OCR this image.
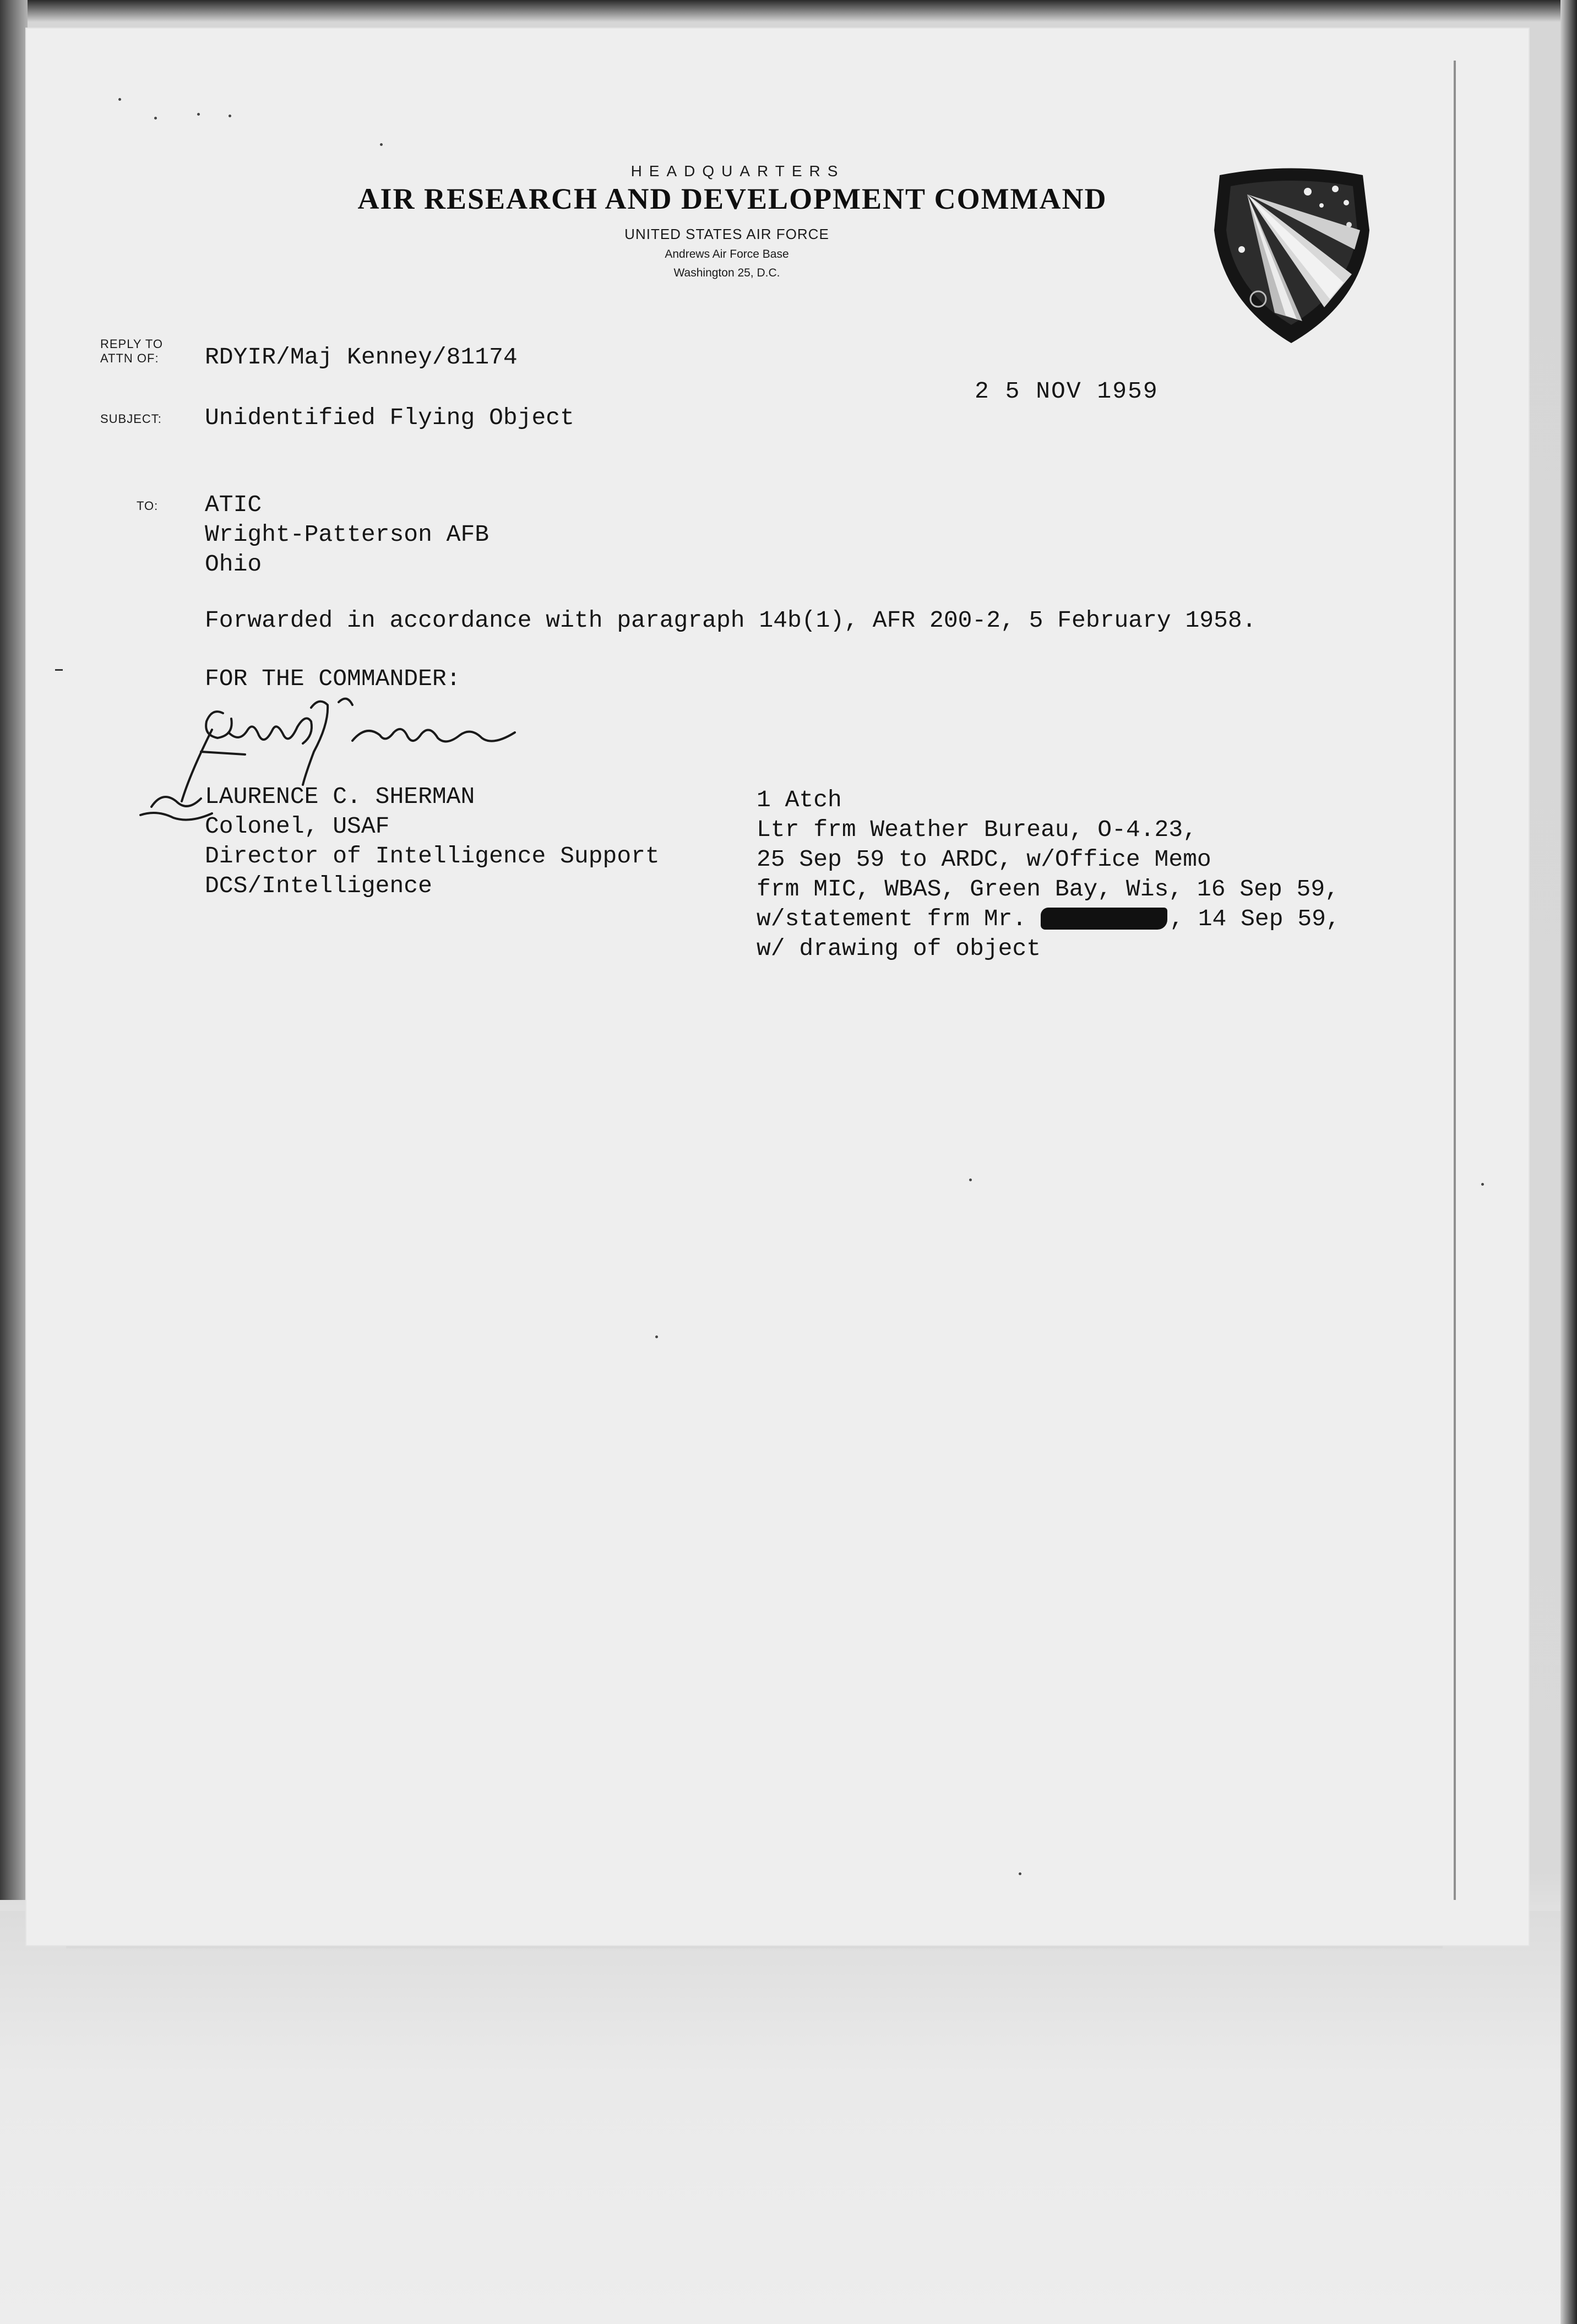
HEADQUARTERS
AIR RESEARCH AND DEVELOPMENT COMMAND
UNITED STATES AIR FORCE
Andrews Air Force Base
Washington 25, D.C.
REPLY TO
ATTN OF:	RDYIR/Maj Kenney/81174
SUBJECT: Unidentified Flying Object
2 5 NOV 1959
TO: ATIC
Wright-Patterson AFB
Ohio
Forwarded in accordance with paragraph 14b(1), AFR 200-2, 5 February 1958.
FOR THE COMMANDER:
LAURENCE C. SHERMAN
Colonel, USAF
Director of Intelligence Support
DCS/Intelligence
1 Atch
Ltr frm Weather Bureau, O-4.23,
25 Sep 59 to ARDC, w/Office Memo
frm MIC, WBAS, Green Bay, Wis, 16 Sep 59,
w/statement frm Mr.	, 14 Sep 59,
w/ drawing of object
